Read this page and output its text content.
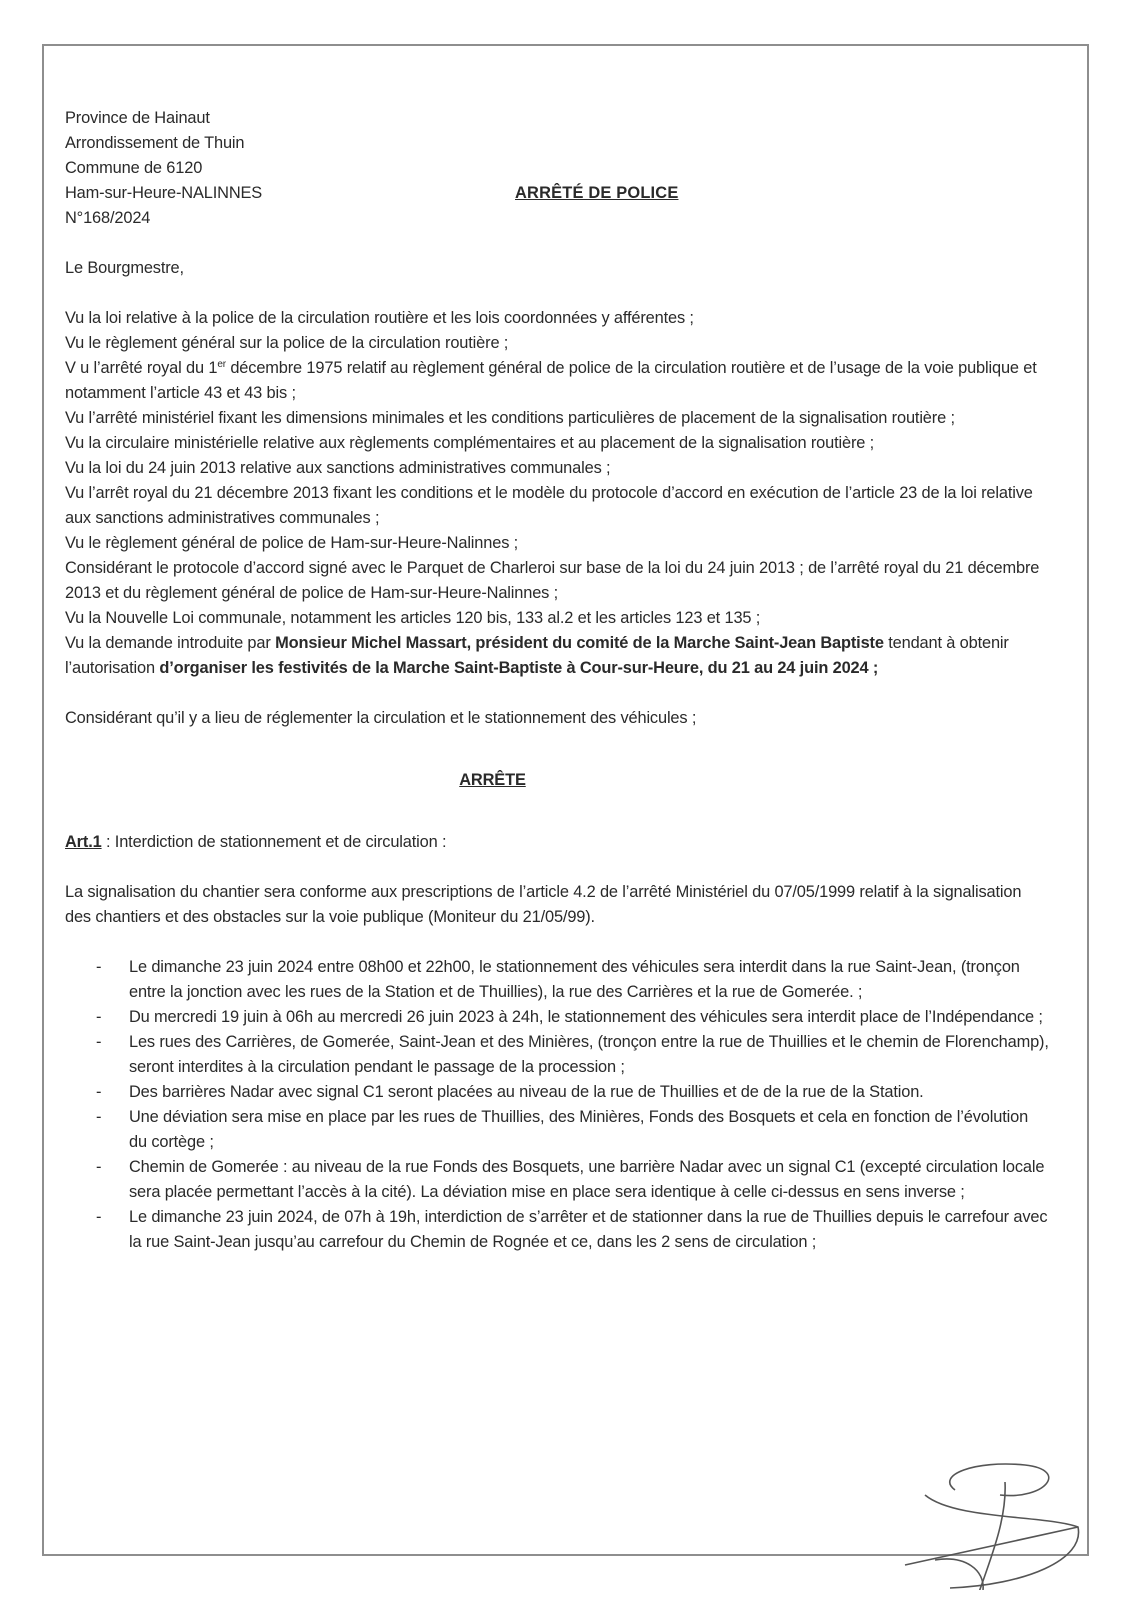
Province de Hainaut
Arrondissement de Thuin
Commune de 6120
Ham-sur-Heure-NALINNES
N°168/2024
ARRÊTÉ DE POLICE

Le Bourgmestre,

Vu la loi relative à la police de la circulation routière et les lois coordonnées y afférentes ;

Vu le règlement général sur la police de la circulation routière ;

V u l’arrêté royal du 1er décembre 1975 relatif au règlement général de police de la circulation routière et de l’usage de la voie publique et notamment l’article 43 et 43 bis ;

Vu l’arrêté ministériel fixant les dimensions minimales et les conditions particulières de placement de la signalisation routière ;

Vu la circulaire ministérielle relative aux règlements complémentaires et au placement de la signalisation routière ;

Vu la loi du 24 juin 2013 relative aux sanctions administratives communales ;

Vu l’arrêt royal du 21 décembre 2013 fixant les conditions et le modèle du protocole d’accord en exécution de l’article 23 de la loi relative aux sanctions administratives communales ;

Vu le règlement général de police de Ham-sur-Heure-Nalinnes ;

Considérant le protocole d’accord signé avec le Parquet de Charleroi sur base de la loi du 24 juin 2013 ; de l’arrêté royal du 21 décembre 2013 et du règlement général de police de Ham-sur-Heure-Nalinnes ;

Vu la Nouvelle Loi communale, notamment les articles 120 bis, 133 al.2 et les articles 123 et 135 ;

Vu la demande introduite par Monsieur Michel Massart, président du comité de la Marche Saint-Jean Baptiste tendant à obtenir l’autorisation d’organiser les festivités de la Marche Saint-Baptiste à Cour-sur-Heure, du 21 au 24 juin 2024 ;

Considérant qu’il y a lieu de réglementer la circulation et le stationnement des véhicules ;

ARRÊTE

Art.1 : Interdiction de stationnement et de circulation :

La signalisation du chantier sera conforme aux prescriptions de l’article 4.2 de l’arrêté Ministériel du 07/05/1999 relatif à la signalisation des chantiers et des obstacles sur la voie publique (Moniteur du 21/05/99).

- Le dimanche 23 juin 2024 entre 08h00 et 22h00, le stationnement des véhicules sera interdit dans la rue Saint-Jean, (tronçon entre la jonction avec les rues de la Station et de Thuillies), la rue des Carrières et la rue de Gomerée. ;
- Du mercredi 19 juin à 06h au mercredi 26 juin 2023 à 24h, le stationnement des véhicules sera interdit place de l’Indépendance ;
- Les rues des Carrières, de Gomerée, Saint-Jean et des Minières, (tronçon entre la rue de Thuillies et le chemin de Florenchamp), seront interdites à la circulation pendant le passage de la procession ;
- Des barrières Nadar avec signal C1 seront placées au niveau de la rue de Thuillies et de de la rue de la Station.
- Une déviation sera mise en place par les rues de Thuillies, des Minières, Fonds des Bosquets et cela en fonction de l’évolution du cortège ;
- Chemin de Gomerée : au niveau de la rue Fonds des Bosquets, une barrière Nadar avec un signal C1 (excepté circulation locale sera placée permettant l’accès à la cité). La déviation mise en place sera identique à celle ci-dessus en sens inverse ;
- Le dimanche 23 juin 2024, de 07h à 19h, interdiction de s’arrêter et de stationner dans la rue de Thuillies depuis le carrefour avec la rue Saint-Jean jusqu’au carrefour du Chemin de Rognée et ce, dans les 2 sens de circulation ;
